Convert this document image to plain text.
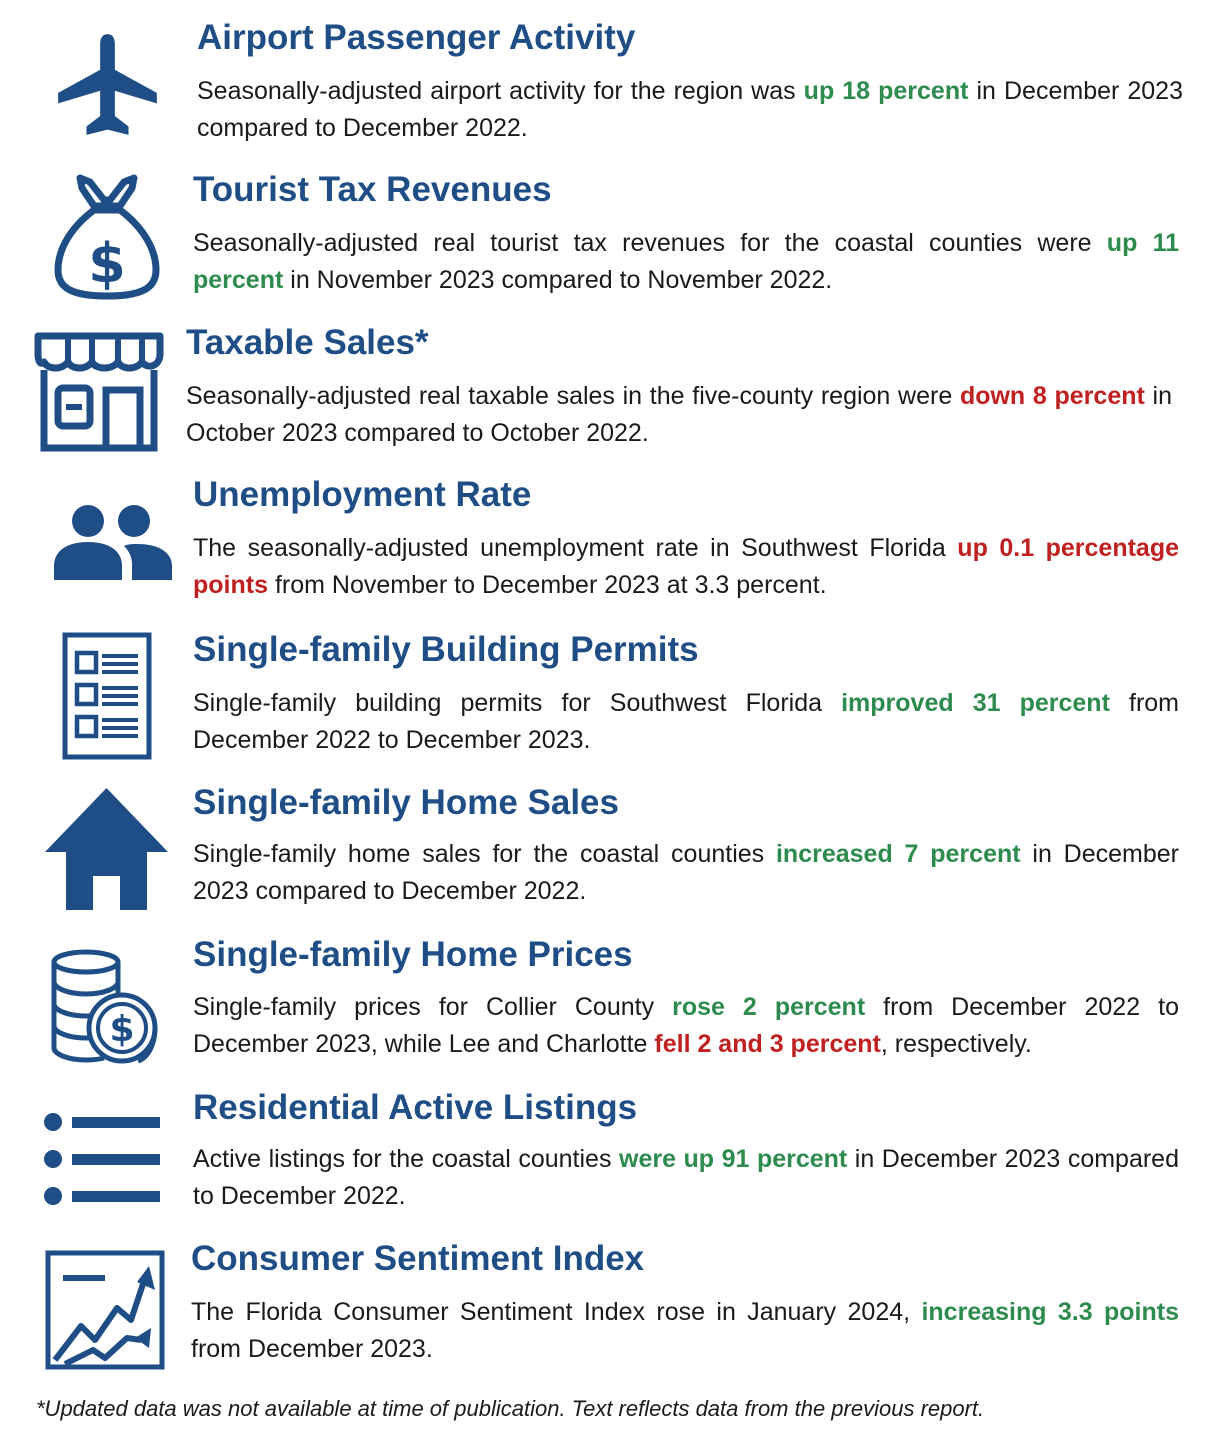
Airport Passenger Activity
Seasonally-adjusted airport activity for the region was up 18 percent in December 2023 compared to December 2022.
$
Tourist Tax Revenues
Seasonally-adjusted real tourist tax revenues for the coastal counties were up 11 percent in November 2023 compared to November 2022.
Taxable Sales*
Seasonally-adjusted real taxable sales in the five-county region were down 8 percent in October 2023 compared to October 2022.
Unemployment Rate
The seasonally-adjusted unemployment rate in Southwest Florida up 0.1 percentage points from November to December 2023 at 3.3 percent.
Single-family Building Permits
Single-family building permits for Southwest Florida improved 31 percent from December 2022 to December 2023.
Single-family Home Sales
Single-family home sales for the coastal counties increased 7 percent in December 2023 compared to December 2022.
$
Single-family Home Prices
Single-family prices for Collier County rose 2 percent from December 2022 to December 2023, while Lee and Charlotte fell 2 and 3 percent, respectively.
Residential Active Listings
Active listings for the coastal counties were up 91 percent in December 2023 compared to December 2022.
Consumer Sentiment Index
The Florida Consumer Sentiment Index rose in January 2024, increasing 3.3 points from December 2023.
*Updated data was not available at time of publication. Text reflects data from the previous report.
